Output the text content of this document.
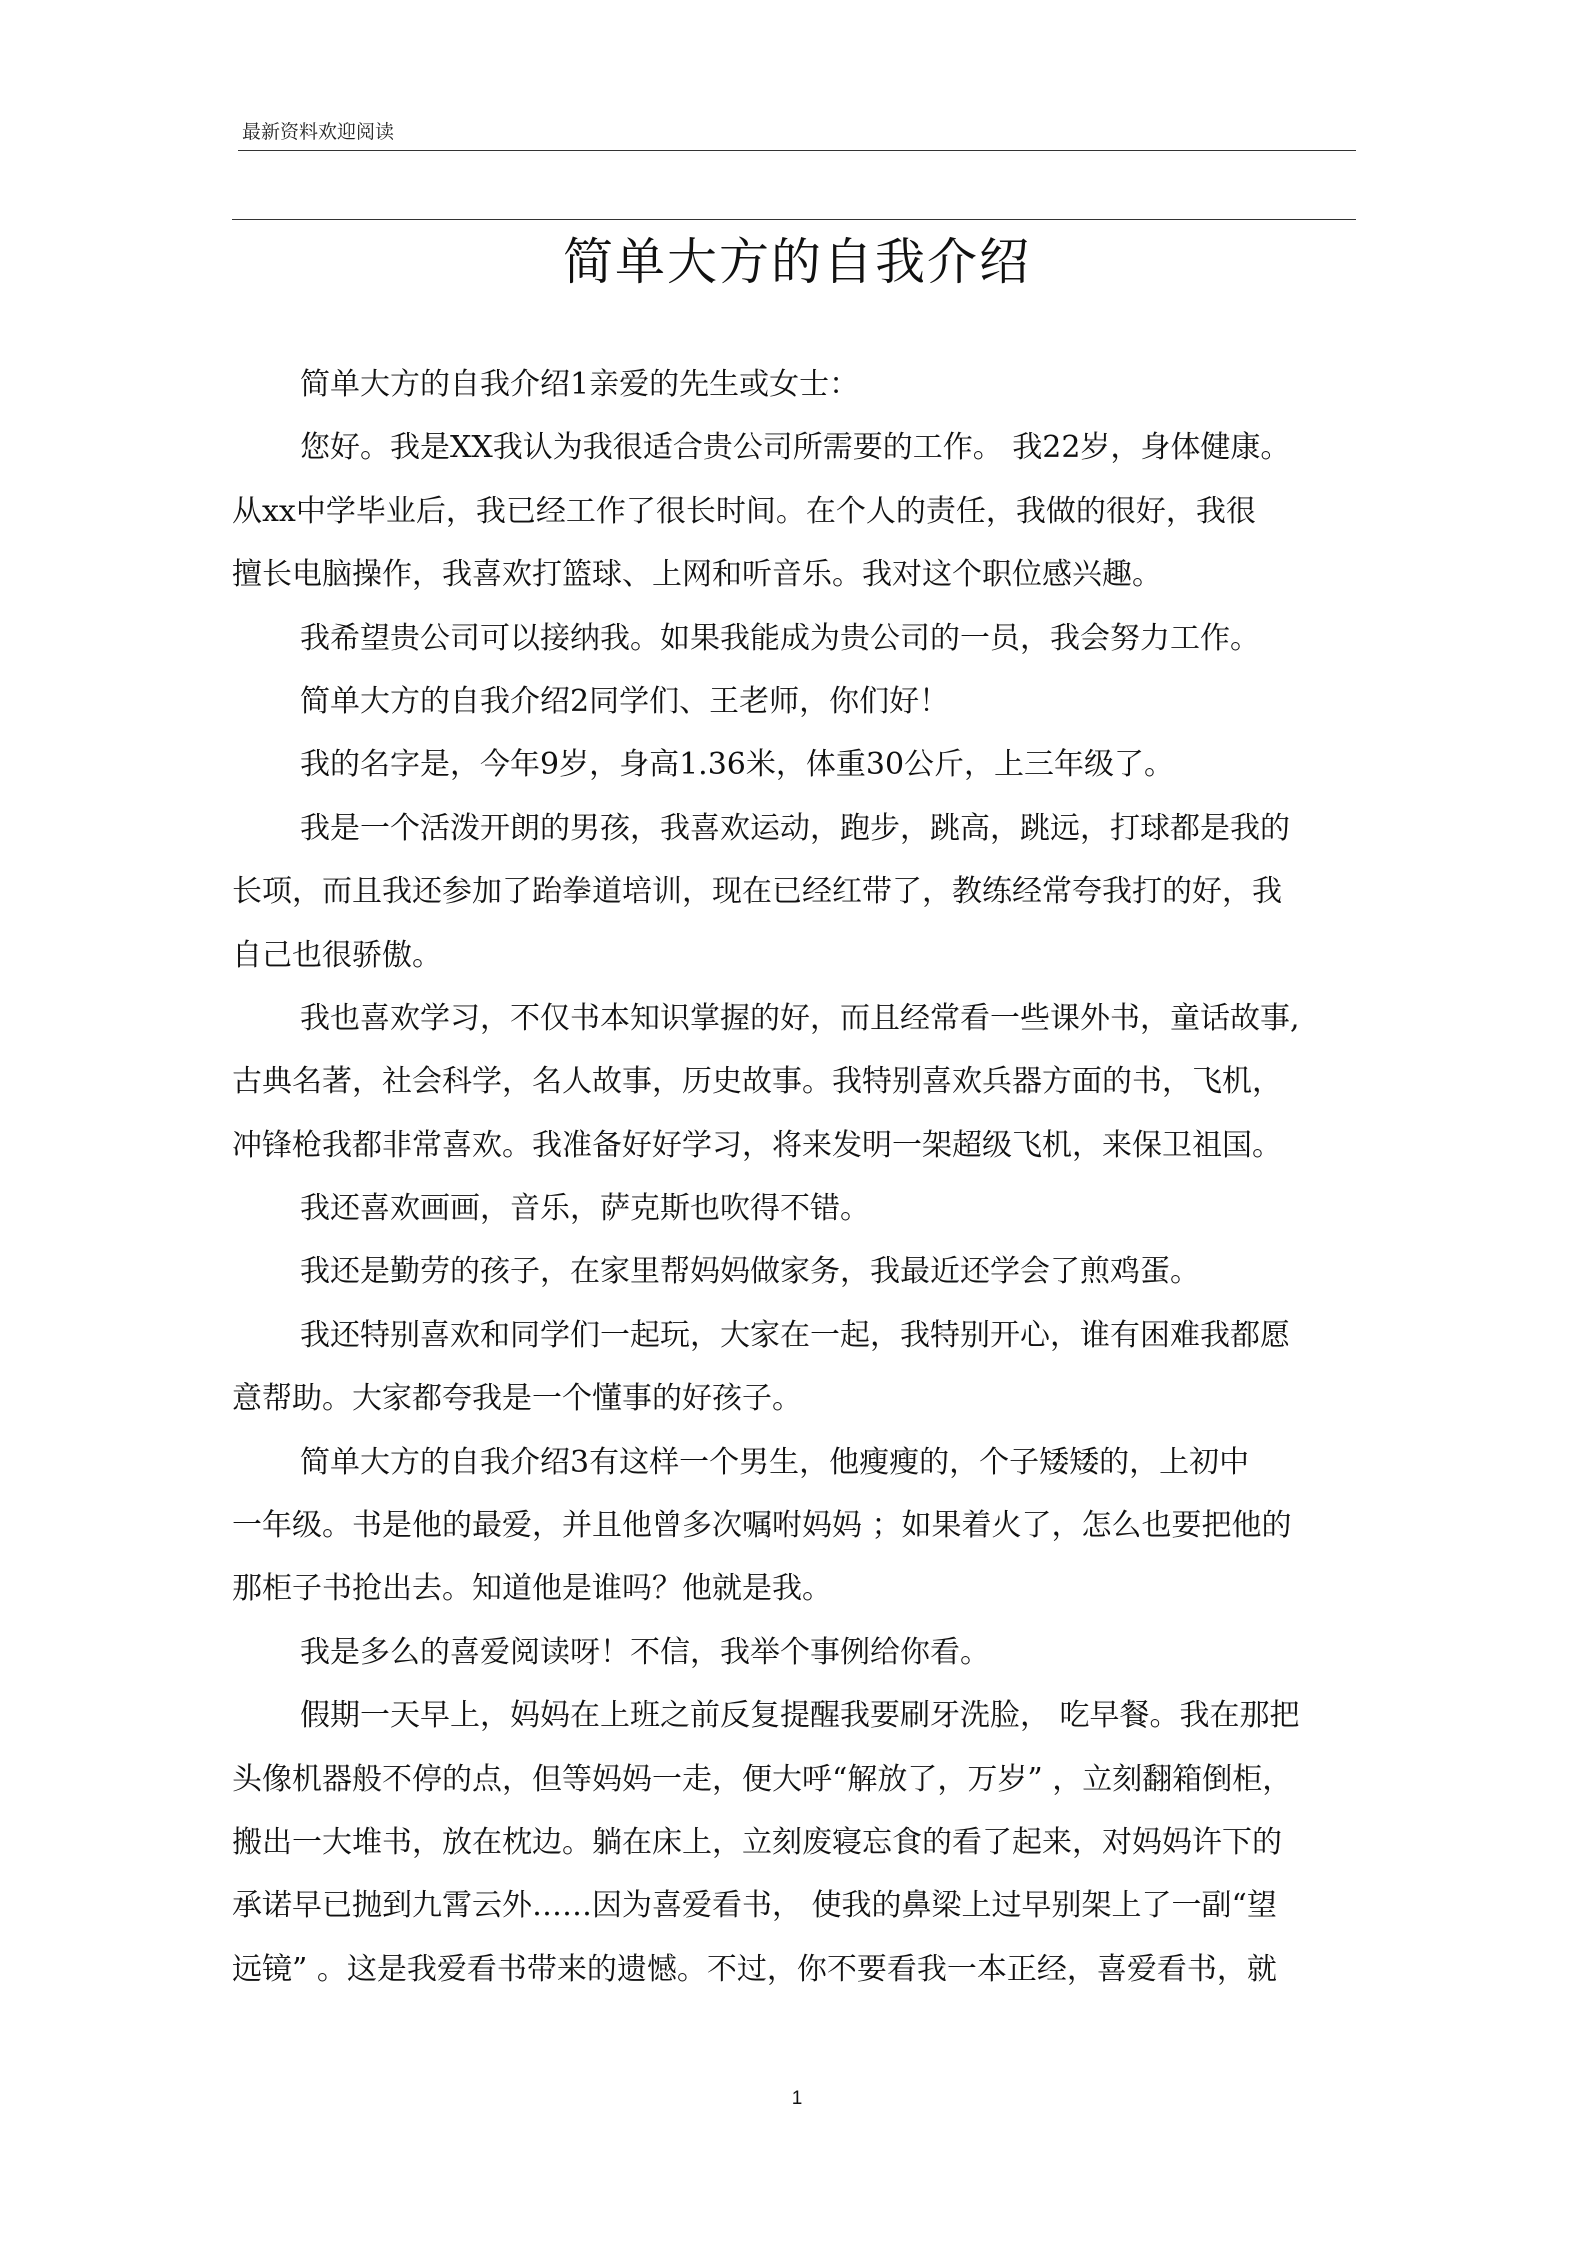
最新资料欢迎阅读
简单大方的自我介绍
简单大方的自我介绍1亲爱的先生或女士：
您好。我是XX我认为我很适合贵公司所需要的工作。 我22岁，身体健康。
从xx中学毕业后，我已经工作了很长时间。在个人的责任，我做的很好，我很
擅长电脑操作，我喜欢打篮球、上网和听音乐。我对这个职位感兴趣。
我希望贵公司可以接纳我。如果我能成为贵公司的一员，我会努力工作。
简单大方的自我介绍2同学们、王老师，你们好！
我的名字是，今年9岁，身高1.36米，体重30公斤，上三年级了。
我是一个活泼开朗的男孩，我喜欢运动，跑步，跳高，跳远，打球都是我的
长项，而且我还参加了跆拳道培训，现在已经红带了，教练经常夸我打的好，我
自己也很骄傲。
我也喜欢学习，不仅书本知识掌握的好，而且经常看一些课外书，童话故事,
古典名著，社会科学，名人故事，历史故事。我特别喜欢兵器方面的书，飞机，
冲锋枪我都非常喜欢。我准备好好学习，将来发明一架超级飞机，来保卫祖国。
我还喜欢画画，音乐，萨克斯也吹得不错。
我还是勤劳的孩子，在家里帮妈妈做家务，我最近还学会了煎鸡蛋。
我还特别喜欢和同学们一起玩，大家在一起，我特别开心，谁有困难我都愿
意帮助。大家都夸我是一个懂事的好孩子。
简单大方的自我介绍3有这样一个男生，他瘦瘦的，个子矮矮的，上初中
一年级。书是他的最爱，并且他曾多次嘱咐妈妈 ；如果着火了，怎么也要把他的
那柜子书抢出去。知道他是谁吗？他就是我。
我是多么的喜爱阅读呀！不信，我举个事例给你看。
假期一天早上，妈妈在上班之前反复提醒我要刷牙洗脸， 吃早餐。我在那把
头像机器般不停的点，但等妈妈一走，便大呼“解放了，万岁” ，立刻翻箱倒柜，
搬出一大堆书，放在枕边。躺在床上，立刻废寝忘食的看了起来，对妈妈许下的
承诺早已抛到九霄云外……因为喜爱看书， 使我的鼻梁上过早别架上了一副“望
远镜” 。这是我爱看书带来的遗憾。不过，你不要看我一本正经，喜爱看书，就
1
